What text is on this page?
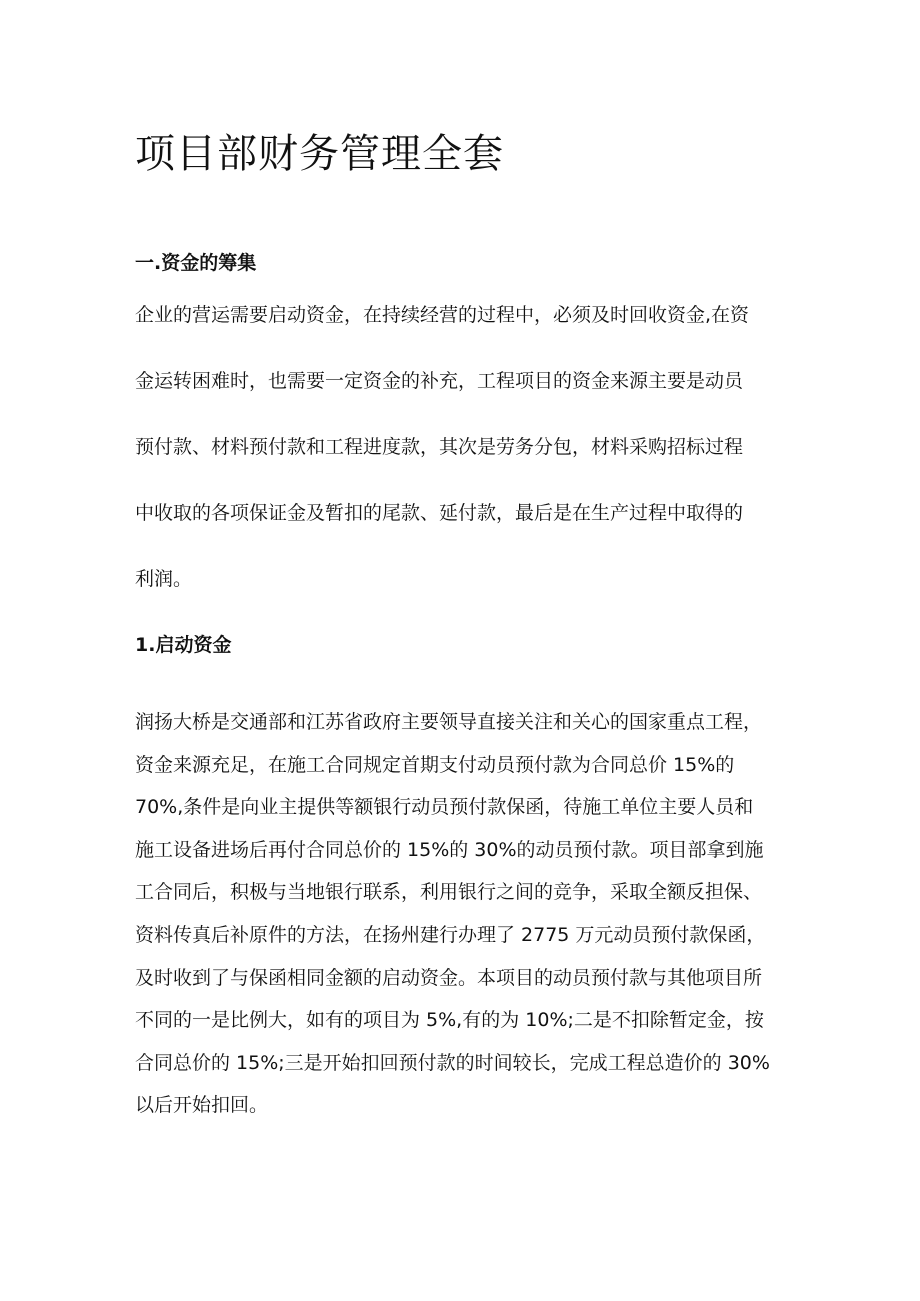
项目部财务管理全套
一.资金的筹集
企业的营运需要启动资金，在持续经营的过程中，必须及时回收资金,在资
金运转困难时，也需要一定资金的补充，工程项目的资金来源主要是动员
预付款、材料预付款和工程进度款，其次是劳务分包，材料采购招标过程
中收取的各项保证金及暂扣的尾款、延付款，最后是在生产过程中取得的
利润。
1.启动资金
润扬大桥是交通部和江苏省政府主要领导直接关注和关心的国家重点工程，
资金来源充足，在施工合同规定首期支付动员预付款为合同总价 15%的
70%,条件是向业主提供等额银行动员预付款保函，待施工单位主要人员和
施工设备进场后再付合同总价的 15%的 30%的动员预付款。项目部拿到施
工合同后，积极与当地银行联系，利用银行之间的竞争，采取全额反担保、
资料传真后补原件的方法，在扬州建行办理了 2775 万元动员预付款保函，
及时收到了与保函相同金额的启动资金。本项目的动员预付款与其他项目所
不同的一是比例大，如有的项目为 5%,有的为 10%;二是不扣除暂定金，按
合同总价的 15%;三是开始扣回预付款的时间较长，完成工程总造价的 30%
以后开始扣回。
